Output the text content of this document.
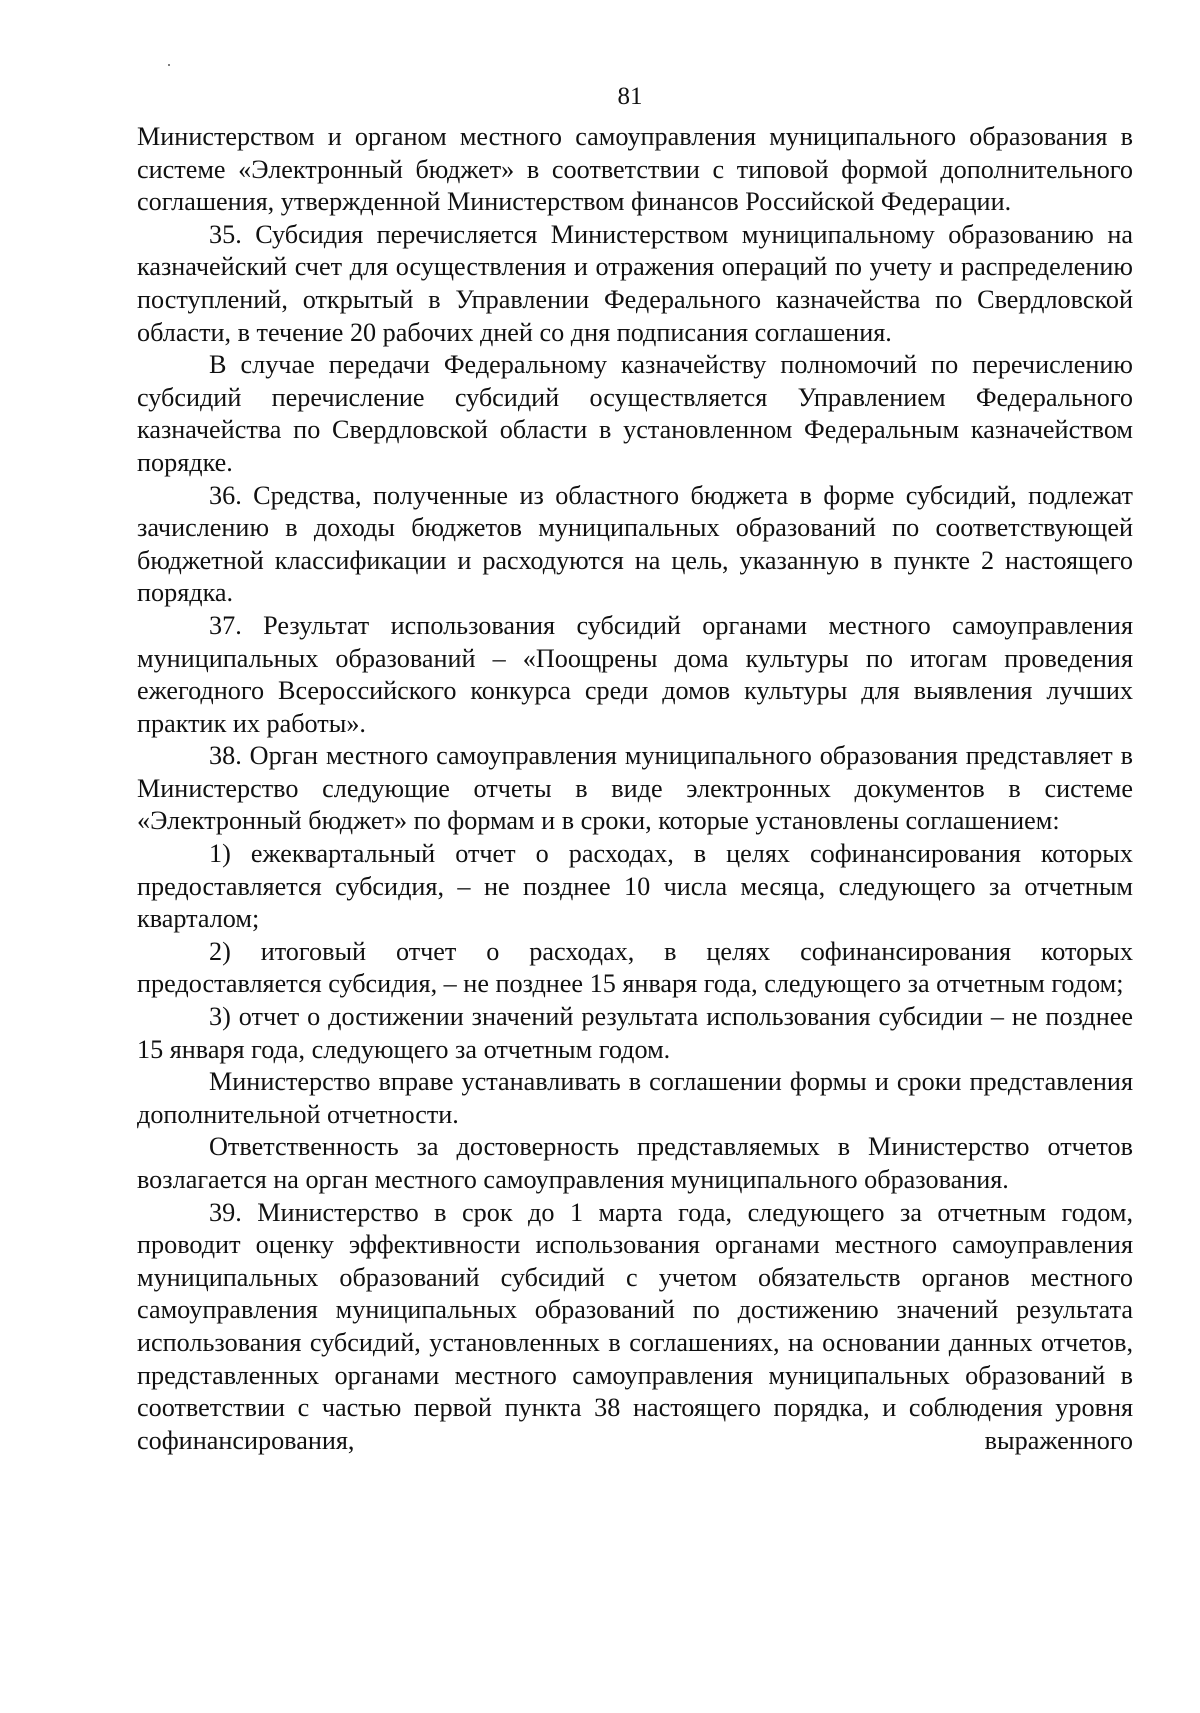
81

Министерством и органом местного самоуправления муниципального образования в системе «Электронный бюджет» в соответствии с типовой формой дополнительного соглашения, утвержденной Министерством финансов Российской Федерации.

35. Субсидия перечисляется Министерством муниципальному образованию на казначейский счет для осуществления и отражения операций по учету и распределению поступлений, открытый в Управлении Федерального казначейства по Свердловской области, в течение 20 рабочих дней со дня подписания соглашения.

В случае передачи Федеральному казначейству полномочий по перечислению субсидий перечисление субсидий осуществляется Управлением Федерального казначейства по Свердловской области в установленном Федеральным казначейством порядке.

36. Средства, полученные из областного бюджета в форме субсидий, подлежат зачислению в доходы бюджетов муниципальных образований по соответствующей бюджетной классификации и расходуются на цель, указанную в пункте 2 настоящего порядка.

37. Результат использования субсидий органами местного самоуправления муниципальных образований – «Поощрены дома культуры по итогам проведения ежегодного Всероссийского конкурса среди домов культуры для выявления лучших практик их работы».

38. Орган местного самоуправления муниципального образования представляет в Министерство следующие отчеты в виде электронных документов в системе «Электронный бюджет» по формам и в сроки, которые установлены соглашением:

1) ежеквартальный отчет о расходах, в целях софинансирования которых предоставляется субсидия, – не позднее 10 числа месяца, следующего за отчетным кварталом;

2) итоговый отчет о расходах, в целях софинансирования которых предоставляется субсидия, – не позднее 15 января года, следующего за отчетным годом;

3) отчет о достижении значений результата использования субсидии – не позднее 15 января года, следующего за отчетным годом.

Министерство вправе устанавливать в соглашении формы и сроки представления дополнительной отчетности.

Ответственность за достоверность представляемых в Министерство отчетов возлагается на орган местного самоуправления муниципального образования.

39. Министерство в срок до 1 марта года, следующего за отчетным годом, проводит оценку эффективности использования органами местного самоуправления муниципальных образований субсидий с учетом обязательств органов местного самоуправления муниципальных образований по достижению значений результата использования субсидий, установленных в соглашениях, на основании данных отчетов, представленных органами местного самоуправления муниципальных образований в соответствии с частью первой пункта 38 настоящего порядка, и соблюдения уровня софинансирования, выраженного
